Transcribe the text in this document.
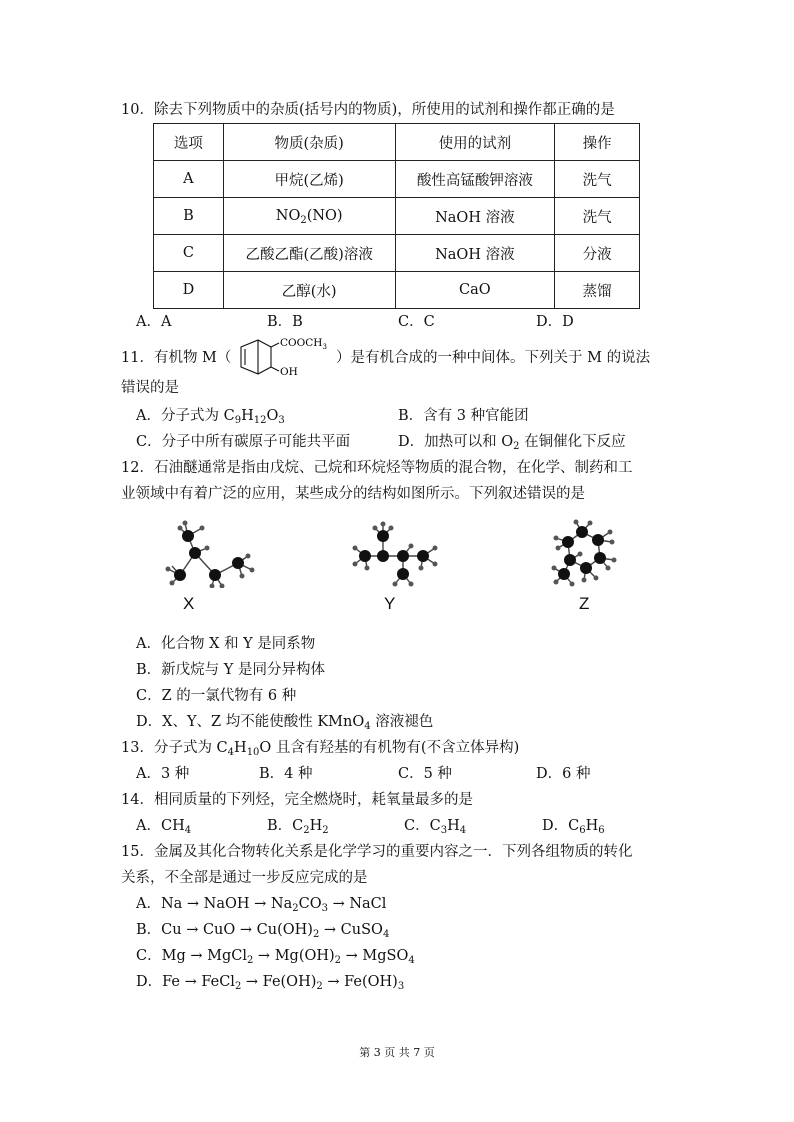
10．除去下列物质中的杂质(括号内的物质)，所使用的试剂和操作都正确的是
选项	物质(杂质)	使用的试剂	操作
A	甲烷(乙烯)	酸性高锰酸钾溶液	洗气
B	$NO_2(NO)$	NaOH 溶液	洗气
C	乙酸乙酯(乙酸)溶液	NaOH 溶液	分液
D	乙醇(水)	CaO	蒸馏
A．A	B．B	C．C	D．D
11．有机物 M（
$COOCH_3$
OH
）是有机合成的一种中间体。下列关于 M 的说法
错误的是
A．分子式为 $C_9H_{12}O_3$	B．含有 3 种官能团
C．分子中所有碳原子可能共平面	D．加热可以和 $O_2$ 在铜催化下反应
12．石油醚通常是指由戊烷、己烷和环烷烃等物质的混合物，在化学、制药和工
业领域中有着广泛的应用，某些成分的结构如图所示。下列叙述错误的是
X	Y	Z
A．化合物 X 和 Y 是同系物
B．新戊烷与 Y 是同分异构体
C．Z 的一氯代物有 6 种
D．X、Y、Z 均不能使酸性 KMnO$_4$ 溶液褪色
13．分子式为 $C_4H_{10}O$ 且含有羟基的有机物有(不含立体异构)
A．3 种	B．4 种	C．5 种	D．6 种
14．相同质量的下列烃，完全燃烧时，耗氧量最多的是
A．$CH_4$	B．$C_2H_2$	C．$C_3H_4$	D．$C_6H_6$
15．金属及其化合物转化关系是化学学习的重要内容之一．下列各组物质的转化
关系，不全部是通过一步反应完成的是
A．Na → NaOH → $Na_2CO_3$ → NaCl
B．Cu → CuO → $Cu(OH)_2$ → CuSO$_4$
C．Mg → MgCl$_2$ → $Mg(OH)_2$ → MgSO$_4$
D．Fe → FeCl$_2$ → $Fe(OH)_2 \to Fe(OH)_3$
第 3 页 共 7 页
